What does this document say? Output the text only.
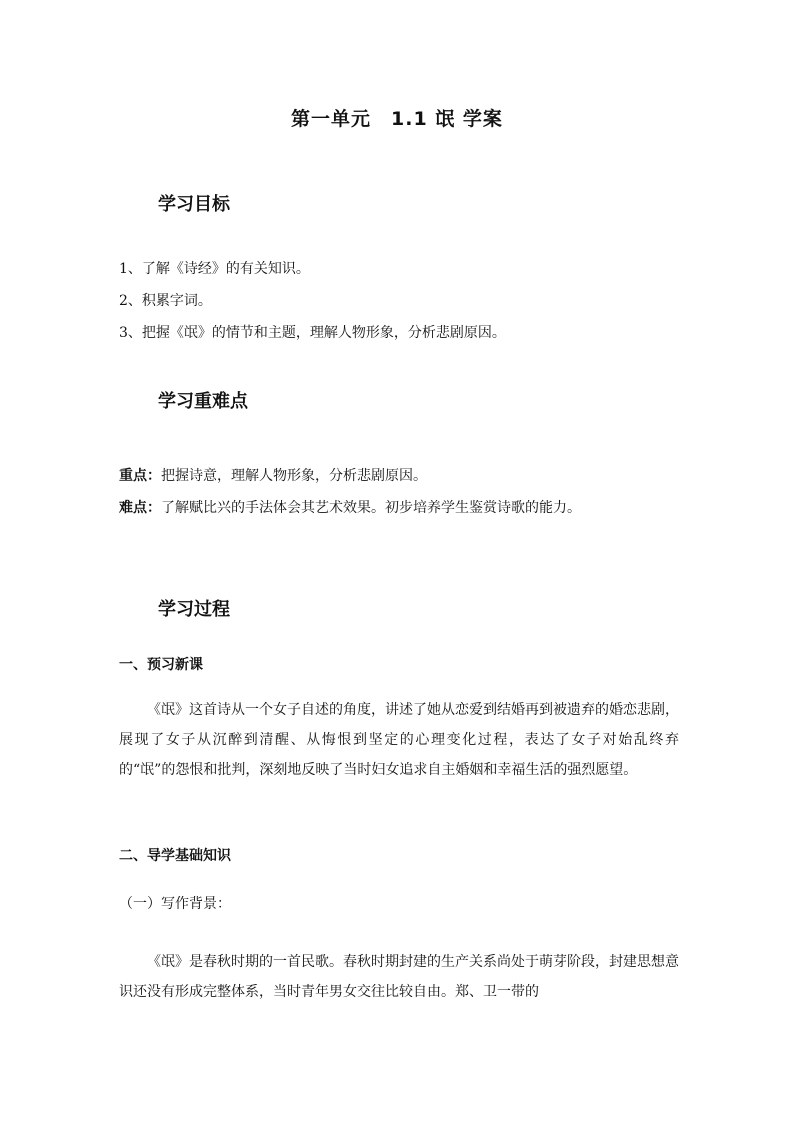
第一单元　1.1 氓 学案
学习目标
1、了解《诗经》的有关知识。
2、积累字词。
3、把握《氓》的情节和主题，理解人物形象，分析悲剧原因。
学习重难点
重点：把握诗意，理解人物形象，分析悲剧原因。
难点：了解赋比兴的手法体会其艺术效果。初步培养学生鉴赏诗歌的能力。
学习过程
一、预习新课
《氓》这首诗从一个女子自述的角度，讲述了她从恋爱到结婚再到被遗弃的婚恋悲剧，展现了女子从沉醉到清醒、从悔恨到坚定的心理变化过程，表达了女子对始乱终弃的“氓”的怨恨和批判，深刻地反映了当时妇女追求自主婚姻和幸福生活的强烈愿望。
二、导学基础知识
（一）写作背景：
《氓》是春秋时期的一首民歌。春秋时期封建的生产关系尚处于萌芽阶段，封建思想意识还没有形成完整体系，当时青年男女交往比较自由。郑、卫一带的
